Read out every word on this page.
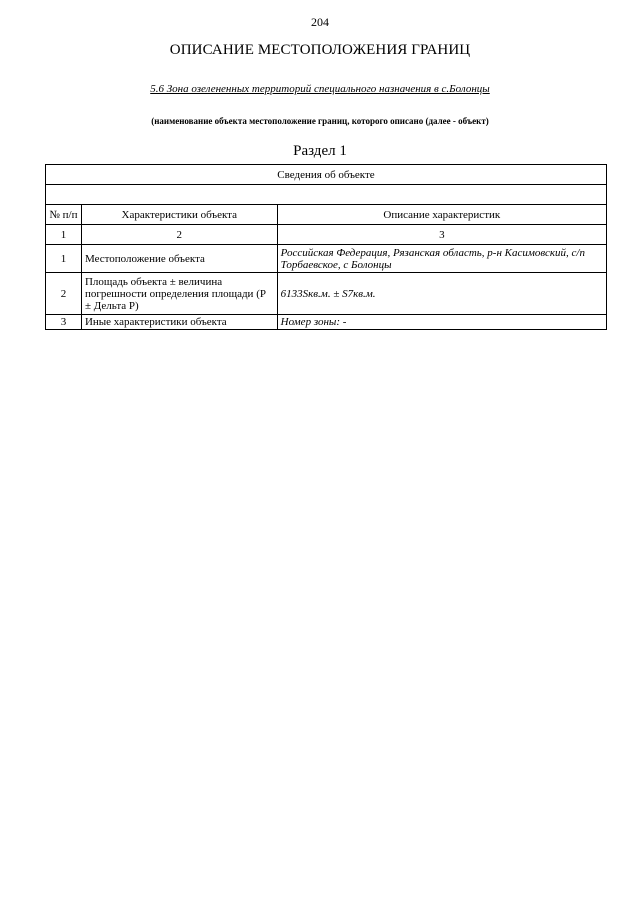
204
ОПИСАНИЕ МЕСТОПОЛОЖЕНИЯ ГРАНИЦ
5.6 Зона озелененных территорий специального назначения в с.Болонцы
(наименование объекта местоположение границ, которого описано (далее - объект)
Раздел 1
Сведения об объекте		

№ п/п	Характеристики объекта	Описание характеристик
1	2	3
1	Местоположение объекта	Российская Федерация, Рязанская область, р-н Касимовский, с/п Торбаевское, с Болонцы
2	Площадь объекта ± величина погрешности определения площади (P ± Дельта P)	6133Sкв.м. ± S7кв.м.
3	Иные характеристики объекта	Номер зоны: -
